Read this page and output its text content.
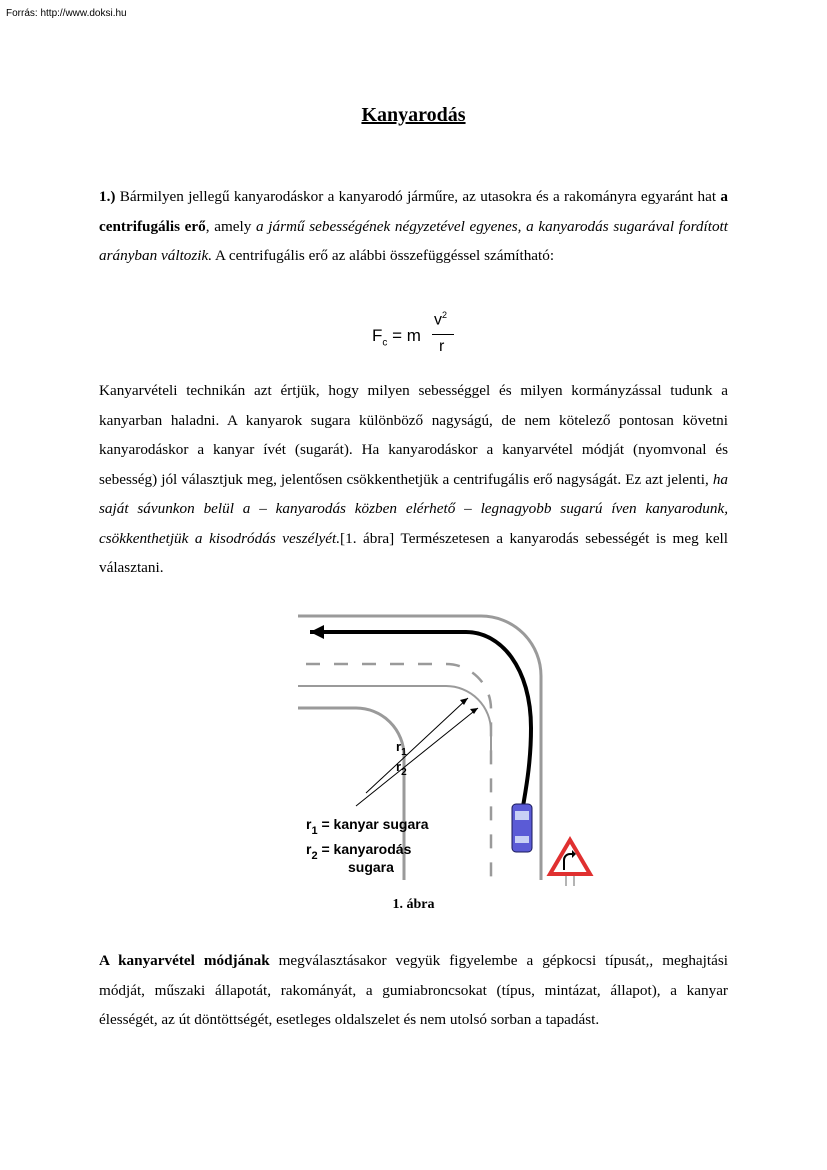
Forrás: http://www.doksi.hu
Kanyarodás
1.) Bármilyen jellegű kanyarodáskor a kanyarodó járműre, az utasokra és a rakományra egyaránt hat a centrifugális erő, amely a jármű sebességének négyzetével egyenes, a kanyarodás sugarával fordított arányban változik. A centrifugális erő az alábbi összefüggéssel számítható:
$F_c = m$
$v^2$
r
Kanyarvételi technikán azt értjük, hogy milyen sebességgel és milyen kormányzással tudunk a kanyarban haladni. A kanyarok sugara különböző nagyságú, de nem kötelező pontosan követni kanyarodáskor a kanyar ívét (sugarát). Ha kanyarodáskor a kanyarvétel módját (nyomvonal és sebesség) jól választjuk meg, jelentősen csökkenthetjük a centrifugális erő nagyságát. Ez azt jelenti, ha saját sávunkon belül a – kanyarodás közben elérhető – legnagyobb sugarú íven kanyarodunk, csökkenthetjük a kisodródás veszélyét.[1. ábra] Természetesen a kanyarodás sebességét is meg kell választani.
$r_1$
$r_2$
$r_1$ = kanyar sugara
$r_2$ = kanyarodás
sugara
1. ábra
A kanyarvétel módjának megválasztásakor vegyük figyelembe a gépkocsi típusát,, meghajtási módját, műszaki állapotát, rakományát, a gumiabroncsokat (típus, mintázat, állapot), a kanyar élességét, az út döntöttségét, esetleges oldalszelet és nem utolsó sorban a tapadást.
